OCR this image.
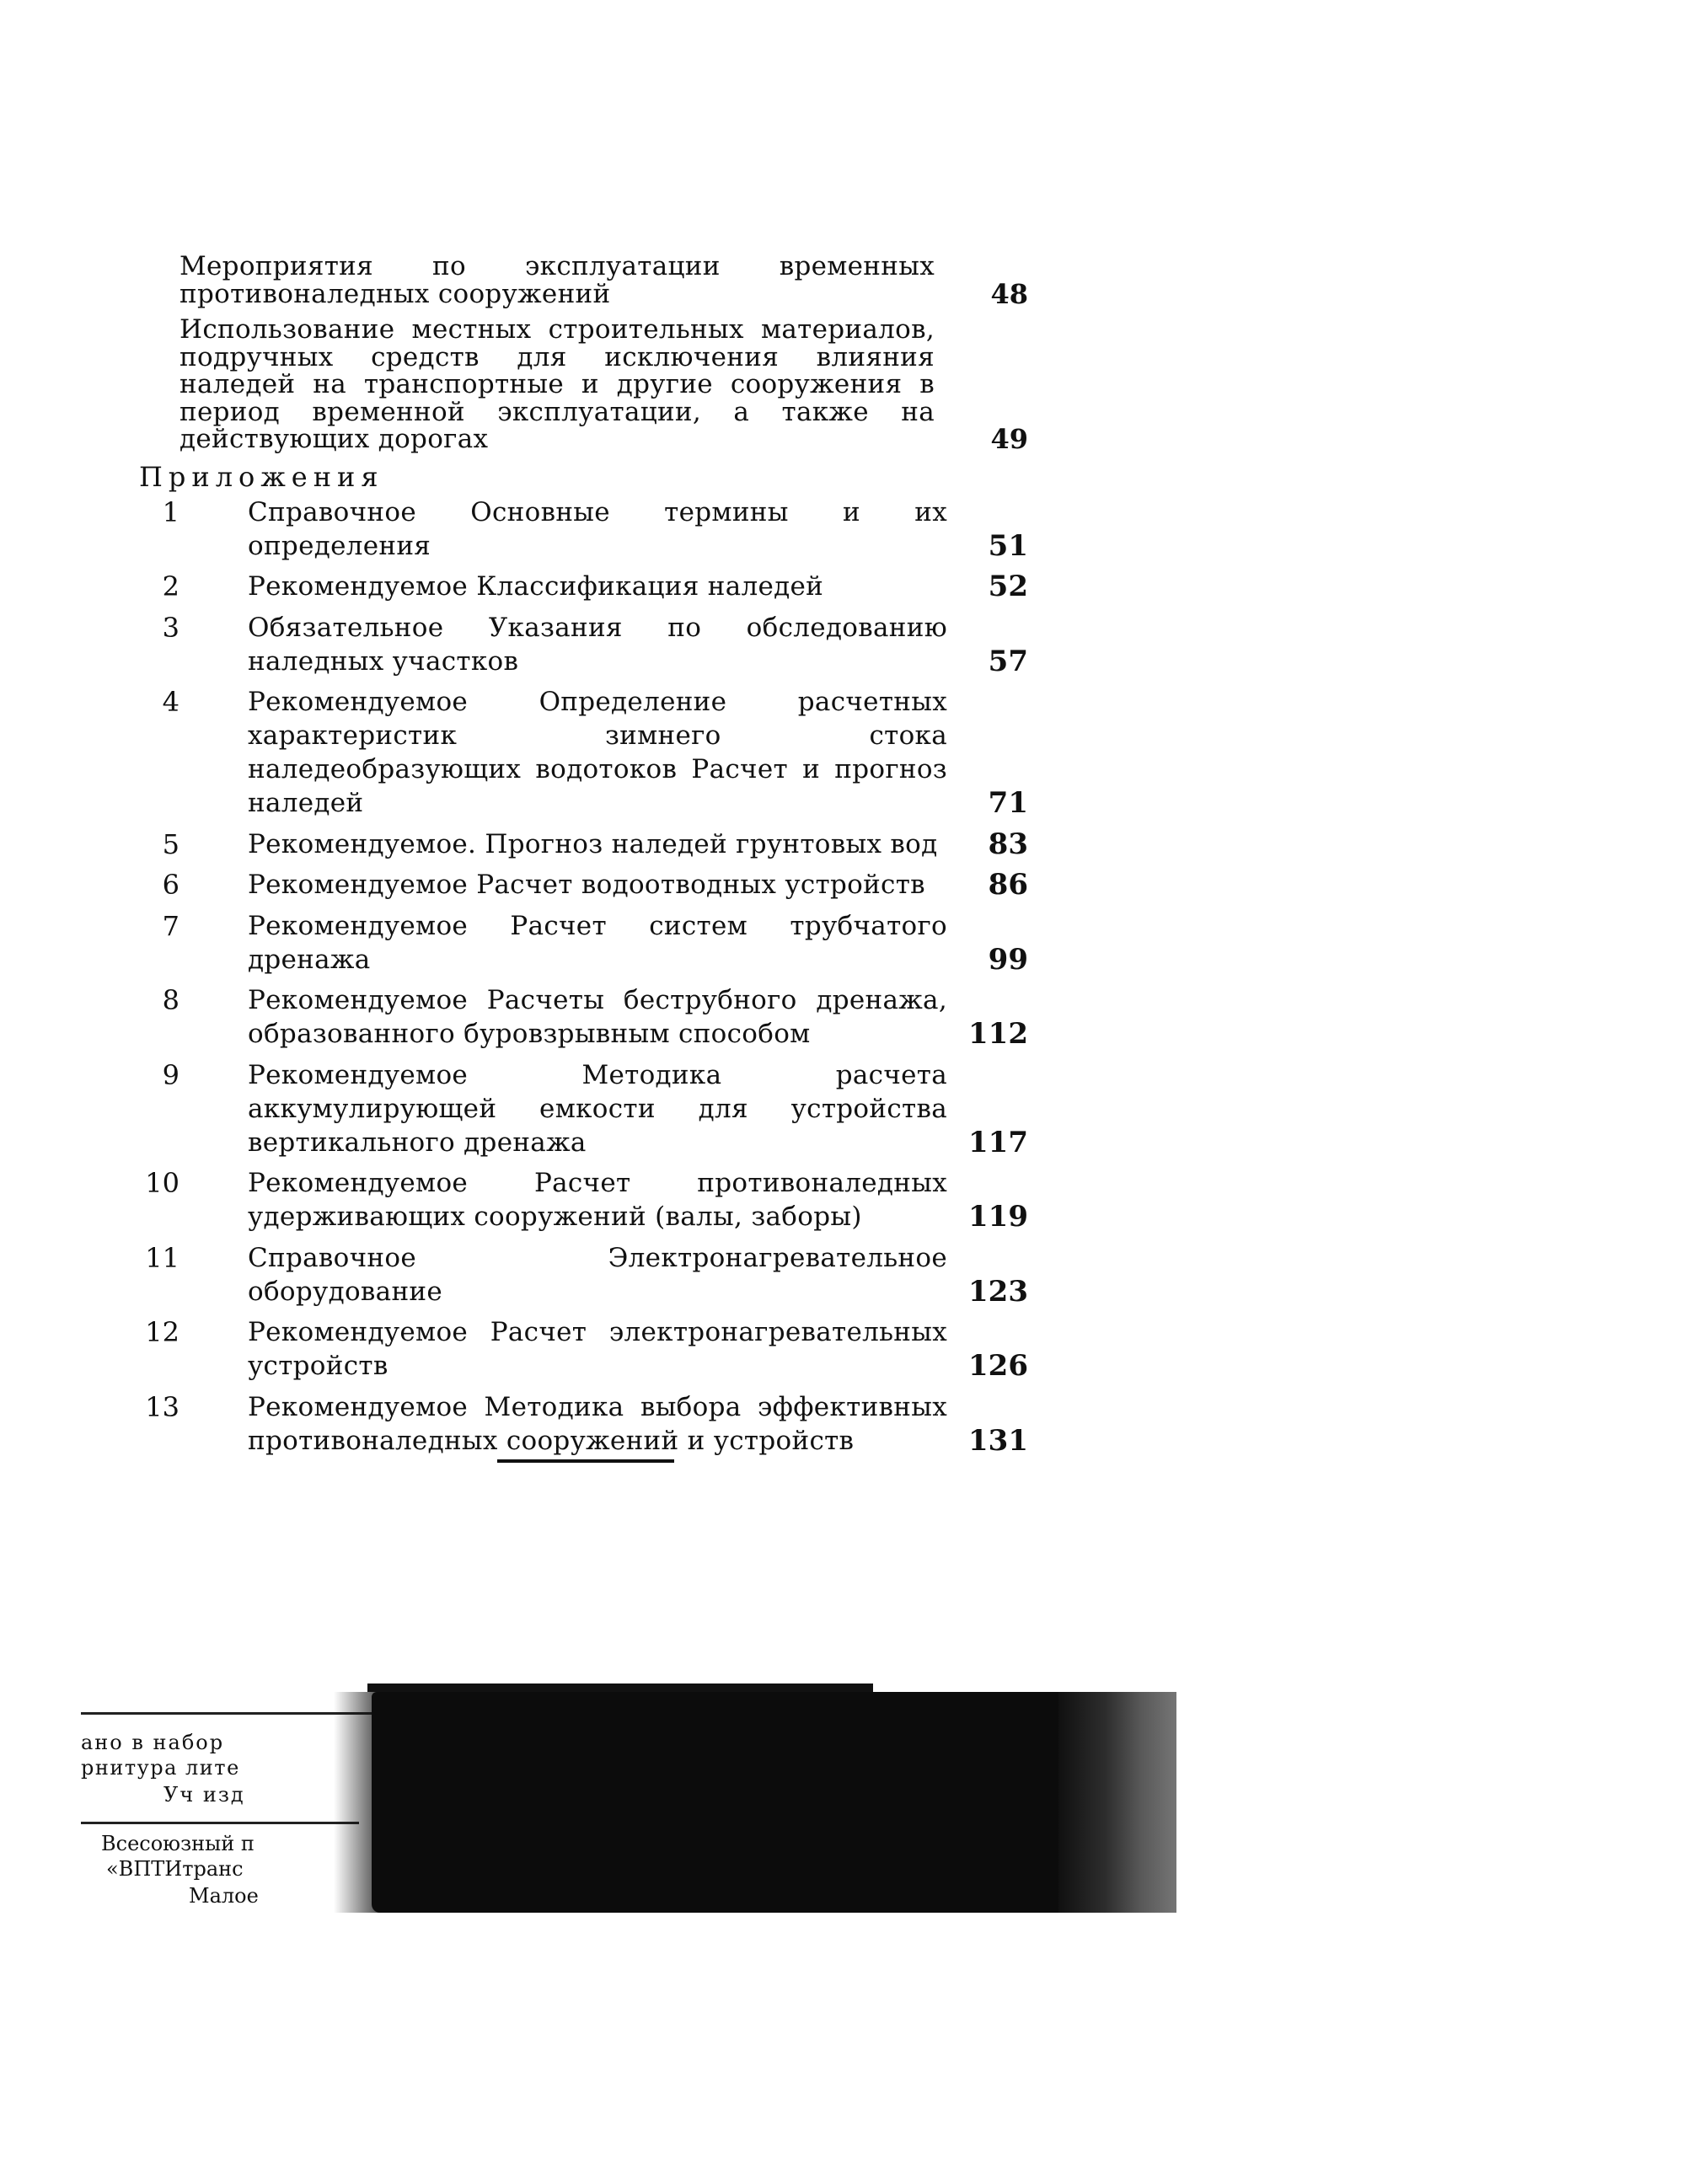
Мероприятия по эксплуатации временных противоналедных сооружений	48
Использование местных строительных материалов, подручных средств для исключения влияния наледей на транспортные и другие сооружения в период временной эксплуатации, а также на действующих дорогах	49
Приложения
1	Справочное Основные термины и их определения	51
2	Рекомендуемое Классификация наледей	52
3	Обязательное Указания по обследованию наледных участков	57
4	Рекомендуемое Определение расчетных характеристик зимнего стока наледеобразующих водотоков Расчет и прогноз наледей	71
5	Рекомендуемое. Прогноз наледей грунтовых вод	83
6	Рекомендуемое Расчет водоотводных устройств	86
7	Рекомендуемое Расчет систем трубчатого дренажа	99
8	Рекомендуемое Расчеты беструбного дренажа, образованного буровзрывным способом	112
9	Рекомендуемое Методика расчета аккумулирующей емкости для устройства вертикального дренажа	117
10	Рекомендуемое Расчет противоналедных удерживающих сооружений (валы, заборы)	119
11	Справочное Электронагревательное оборудование	123
12	Рекомендуемое Расчет электронагревательных устройств	126
13	Рекомендуемое Методика выбора эффективных противоналедных сооружений и устройств	131
ано в набор
рнитура лите
Уч изд
Всесоюзный п
«ВПТИтранс
Малое
